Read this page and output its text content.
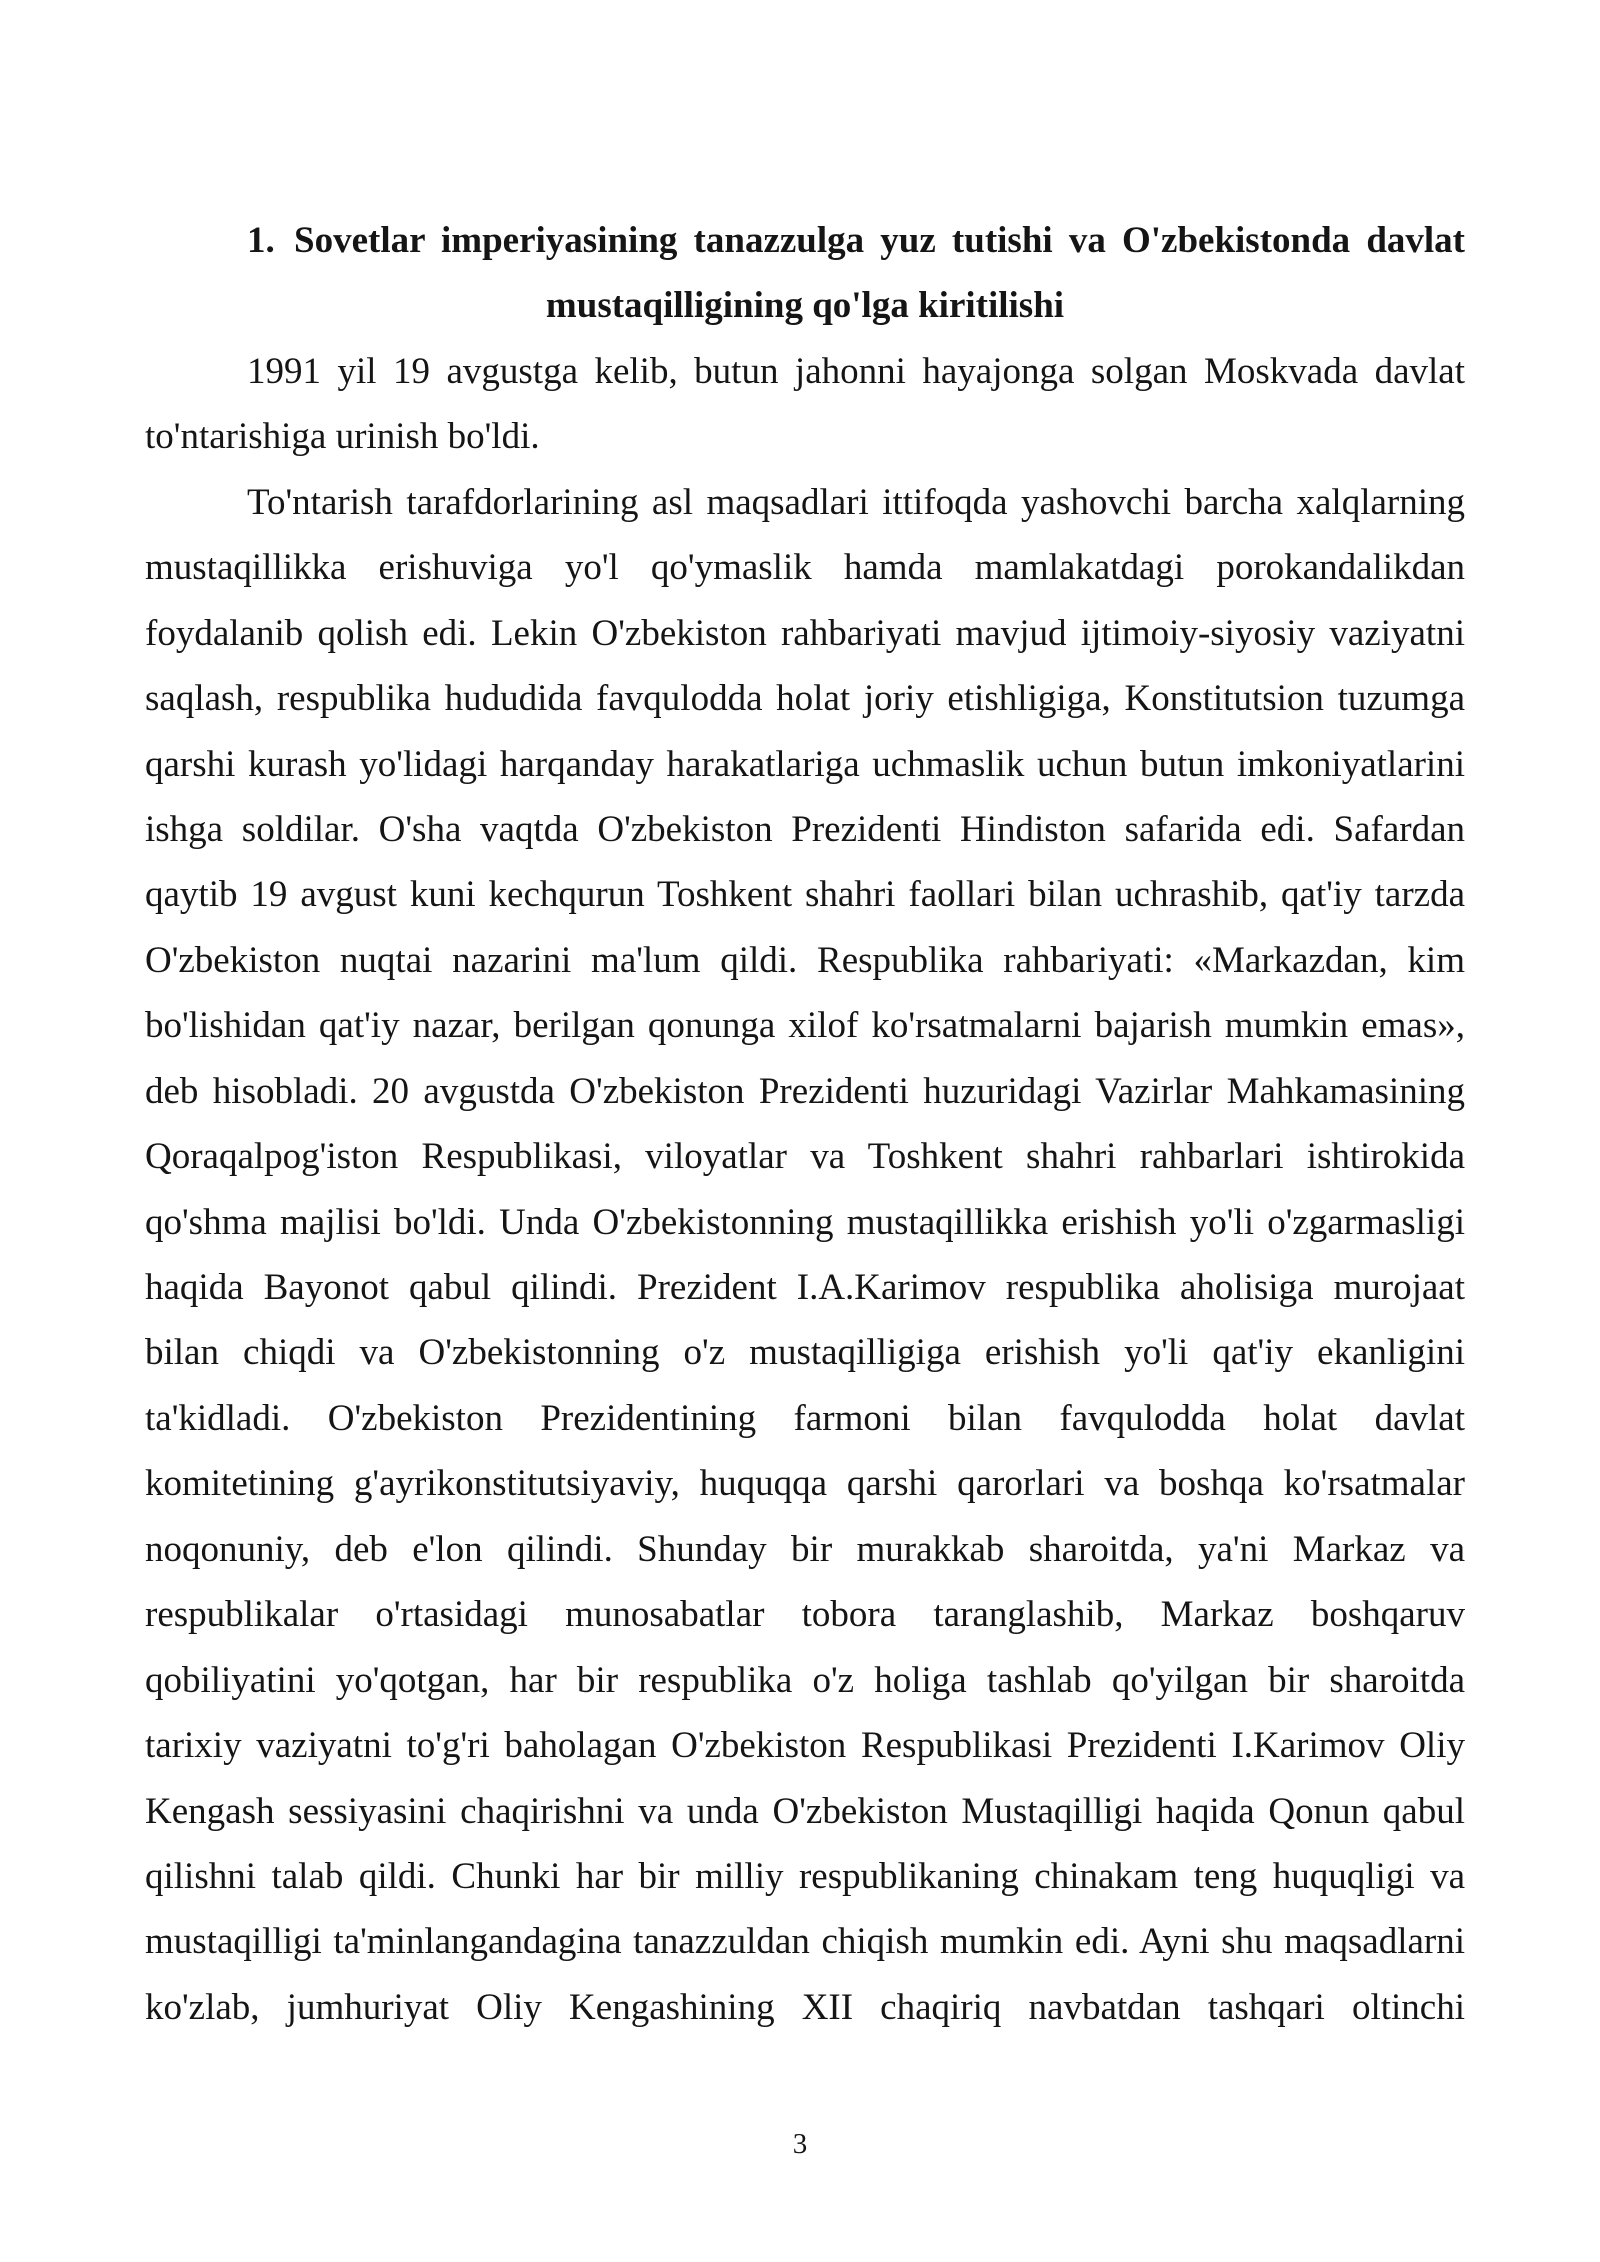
1. Sovetlar imperiyasining tanazzulga yuz tutishi va O'zbekistonda davlat
mustaqilligining qo'lga kiritilishi
1991 yil 19 avgustga kelib, butun jahonni hayajonga solgan Moskvada davlat
to'ntarishiga urinish bo'ldi.
To'ntarish tarafdorlarining asl maqsadlari ittifoqda yashovchi barcha xalqlarning
mustaqillikka erishuviga yo'l qo'ymaslik hamda mamlakatdagi porokandalikdan
foydalanib qolish edi. Lekin O'zbekiston rahbariyati mavjud ijtimoiy-siyosiy vaziyatni
saqlash, respublika hududida favqulodda holat joriy etishligiga, Konstitutsion tuzumga
qarshi kurash yo'lidagi harqanday harakatlariga uchmaslik uchun butun imkoniyatlarini
ishga soldilar. O'sha vaqtda O'zbekiston Prezidenti Hindiston safarida edi. Safardan
qaytib 19 avgust kuni kechqurun Toshkent shahri faollari bilan uchrashib, qat'iy tarzda
O'zbekiston nuqtai nazarini ma'lum qildi. Respublika rahbariyati: «Markazdan, kim
bo'lishidan qat'iy nazar, berilgan qonunga xilof ko'rsatmalarni bajarish mumkin emas»,
deb hisobladi. 20 avgustda O'zbekiston Prezidenti huzuridagi Vazirlar Mahkamasining
Qoraqalpog'iston Respublikasi, viloyatlar va Toshkent shahri rahbarlari ishtirokida
qo'shma majlisi bo'ldi. Unda O'zbekistonning mustaqillikka erishish yo'li o'zgarmasligi
haqida Bayonot qabul qilindi. Prezident I.A.Karimov respublika aholisiga murojaat
bilan chiqdi va O'zbekistonning o'z mustaqilligiga erishish yo'li qat'iy ekanligini
ta'kidladi. O'zbekiston Prezidentining farmoni bilan favqulodda holat davlat
komitetining g'ayrikonstitutsiyaviy, huquqqa qarshi qarorlari va boshqa ko'rsatmalar
noqonuniy, deb e'lon qilindi. Shunday bir murakkab sharoitda, ya'ni Markaz va
respublikalar o'rtasidagi munosabatlar tobora taranglashib, Markaz boshqaruv
qobiliyatini yo'qotgan, har bir respublika o'z holiga tashlab qo'yilgan bir sharoitda
tarixiy vaziyatni to'g'ri baholagan O'zbekiston Respublikasi Prezidenti I.Karimov Oliy
Kengash sessiyasini chaqirishni va unda O'zbekiston Mustaqilligi haqida Qonun qabul
qilishni talab qildi. Chunki har bir milliy respublikaning chinakam teng huquqligi va
mustaqilligi ta'minlangandagina tanazzuldan chiqish mumkin edi. Ayni shu maqsadlarni
ko'zlab, jumhuriyat Oliy Kengashining XII chaqiriq navbatdan tashqari oltinchi
3
